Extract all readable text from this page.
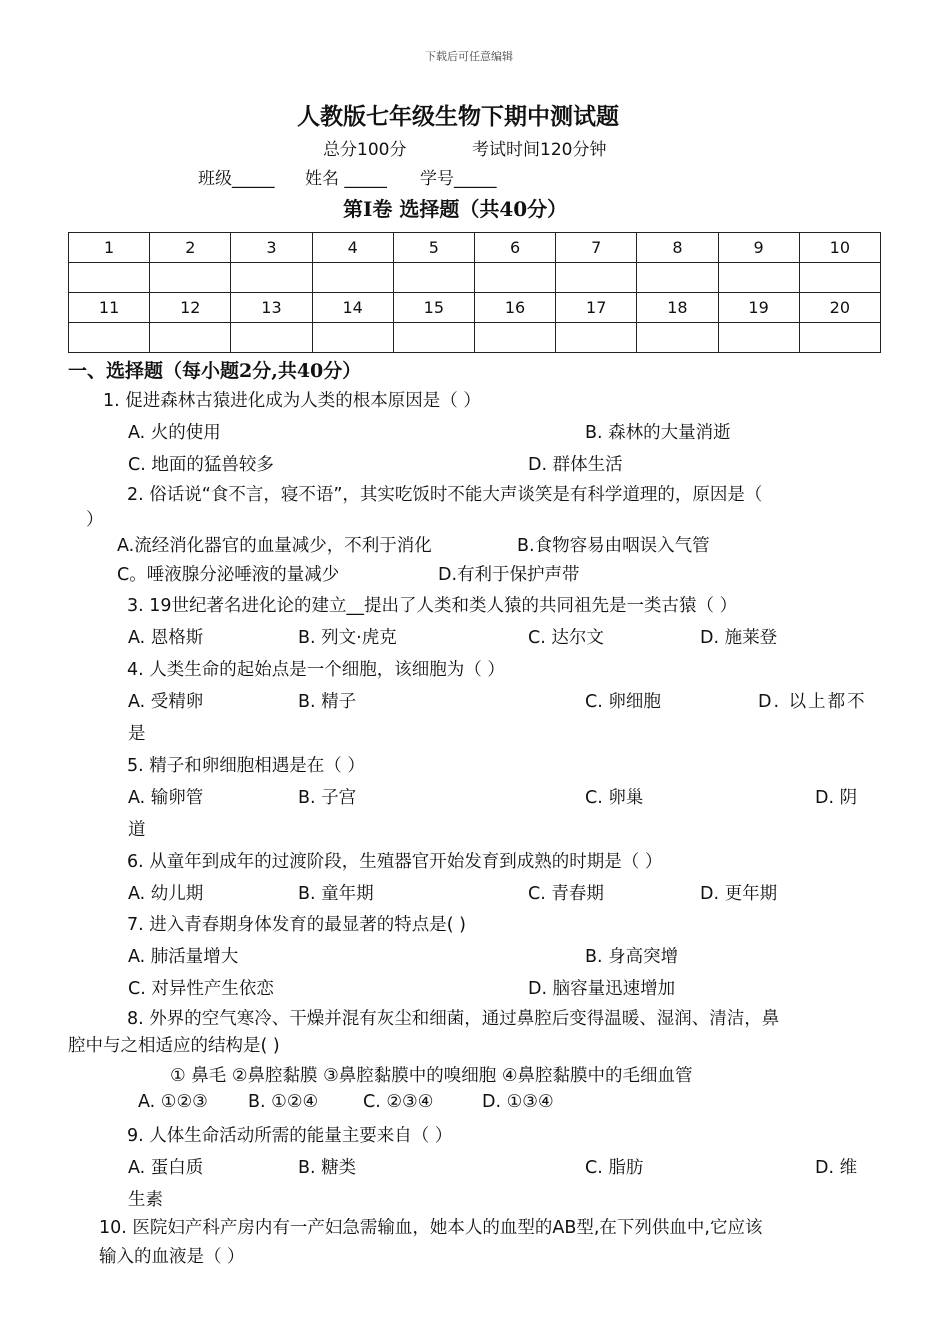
下载后可任意编辑
人教版七年级生物下期中测试题
总分100分	考试时间120分钟
班级_____ 姓名 _____ 学号_____
第Ⅰ卷 选择题（共40分）
1	2	3	4	5	6	7	8	9	10

11	12	13	14	15	16	17	18	19	20

一、选择题（每小题2分,共40分）
1. 促进森林古猿进化成为人类的根本原因是（ ）
A. 火的使用	B. 森林的大量消逝
C. 地面的猛兽较多	D. 群体生活
2. 俗话说“食不言，寝不语”，其实吃饭时不能大声谈笑是有科学道理的，原因是（
）
A.流经消化器官的血量减少，不利于消化	B.食物容易由咽误入气管
C。唾液腺分泌唾液的量减少	D.有利于保护声带
3. 19世纪著名进化论的建立__提出了人类和类人猿的共同祖先是一类古猿（ ）
A. 恩格斯	B. 列文·虎克	C. 达尔文	D. 施莱登
4. 人类生命的起始点是一个细胞，该细胞为（ ）
A. 受精卵	B. 精子	C. 卵细胞	D. 以上都不
是
5. 精子和卵细胞相遇是在（ ）
A. 输卵管	B. 子宫	C. 卵巢	D. 阴
道
6. 从童年到成年的过渡阶段，生殖器官开始发育到成熟的时期是（ ）
A. 幼儿期	B. 童年期	C. 青春期	D. 更年期
7. 进入青春期身体发育的最显著的特点是( )
A. 肺活量增大	B. 身高突增
C. 对异性产生依恋	D. 脑容量迅速增加
8. 外界的空气寒冷、干燥并混有灰尘和细菌，通过鼻腔后变得温暖、湿润、清洁，鼻
腔中与之相适应的结构是( )
① 鼻毛 ②鼻腔黏膜 ③鼻腔黏膜中的嗅细胞 ④鼻腔黏膜中的毛细血管
A. ①②③ B. ①②④	C. ②③④	D. ①③④
9. 人体生命活动所需的能量主要来自（ ）
A. 蛋白质	B. 糖类	C. 脂肪	D. 维
生素
10. 医院妇产科产房内有一产妇急需输血，她本人的血型的AB型,在下列供血中,它应该
输入的血液是（ ）
